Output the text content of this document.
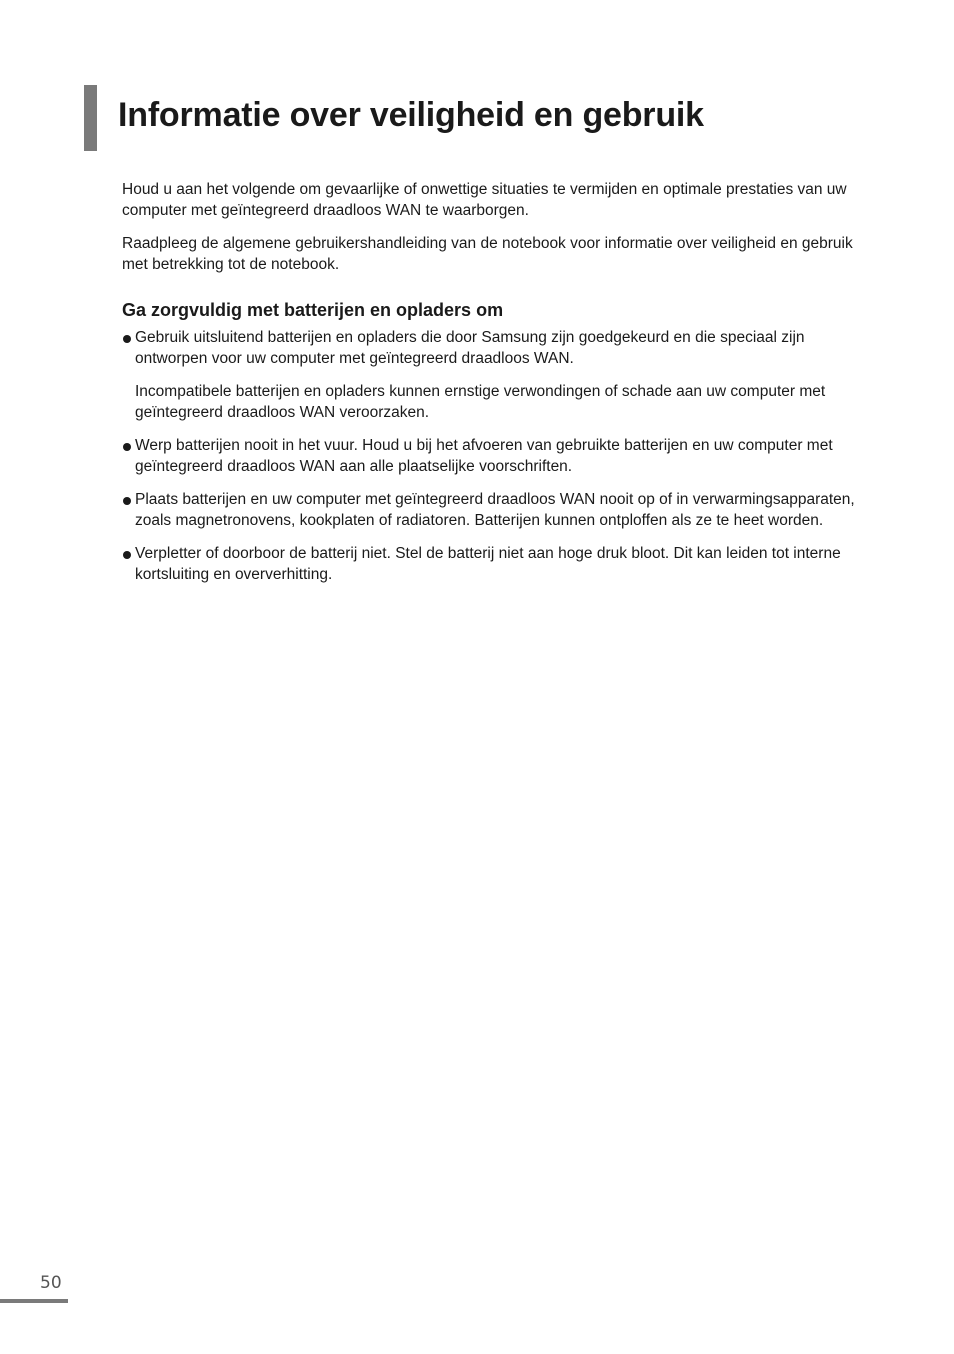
Informatie over veiligheid en gebruik

Houd u aan het volgende om gevaarlijke of onwettige situaties te vermijden en optimale prestaties van uw computer met geïntegreerd draadloos WAN te waarborgen.

Raadpleeg de algemene gebruikershandleiding van de notebook voor informatie over veiligheid en gebruik met betrekking tot de notebook.

Ga zorgvuldig met batterijen en opladers om

Gebruik uitsluitend batterijen en opladers die door Samsung zijn goedgekeurd en die speciaal zijn ontworpen voor uw computer met geïntegreerd draadloos WAN.

Incompatibele batterijen en opladers kunnen ernstige verwondingen of schade aan uw computer met geïntegreerd draadloos WAN veroorzaken.

Werp batterijen nooit in het vuur. Houd u bij het afvoeren van gebruikte batterijen en uw computer met geïntegreerd draadloos WAN aan alle plaatselijke voorschriften.

Plaats batterijen en uw computer met geïntegreerd draadloos WAN nooit op of in verwarmingsapparaten, zoals magnetronovens, kookplaten of radiatoren. Batterijen kunnen ontploffen als ze te heet worden.

Verpletter of doorboor de batterij niet. Stel de batterij niet aan hoge druk bloot. Dit kan leiden tot interne kortsluiting en oververhitting.

50
